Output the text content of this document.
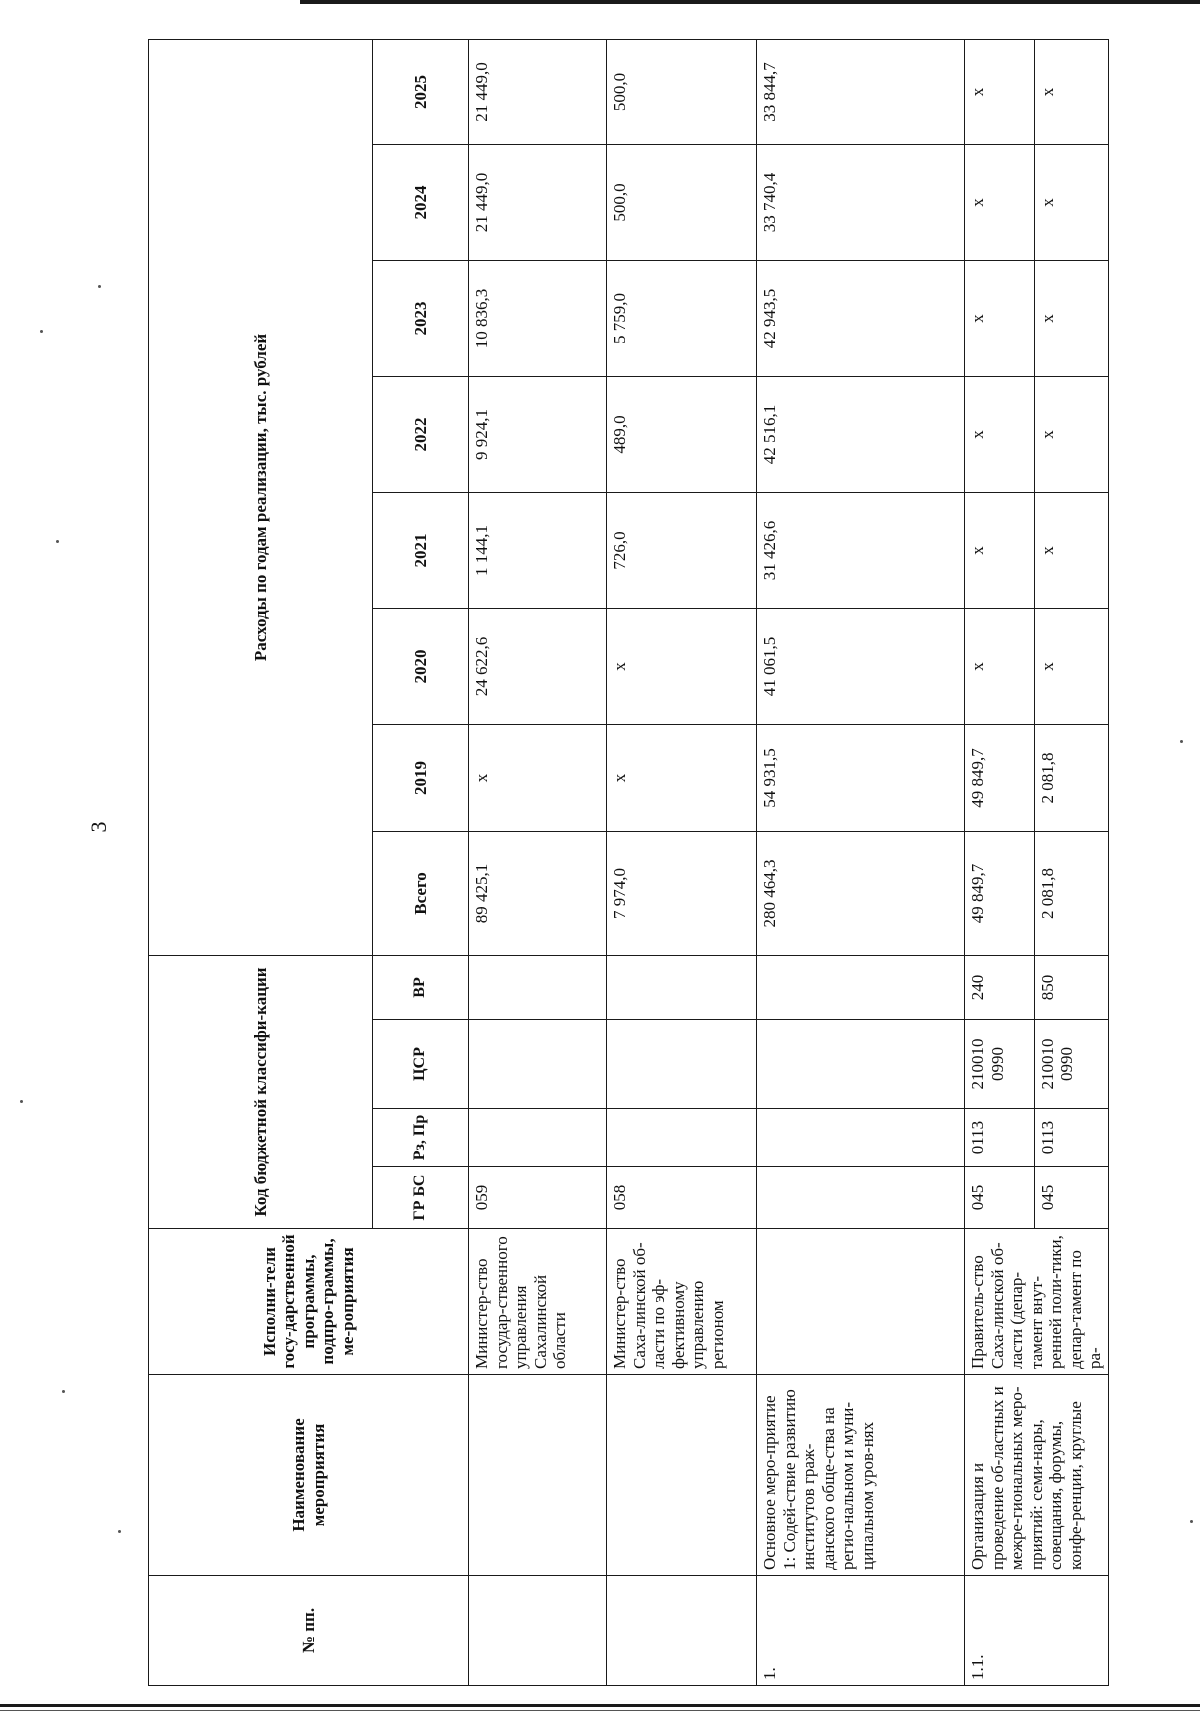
3
№ пп.	Наименование мероприятия	Исполни-тели госу-дарственной программы, подпро-граммы, ме-роприятия	Код бюджетной классифи-кации				Расходы по годам реализации, тыс. рублей							
			ГР БС	Рз, Пр	ЦСР	ВР	Всего	2019	2020	2021	2022	2023	2024	2025
		Министер-ство государ-ственного управления Сахалинской области	059				89 425,1	x	24 622,6	1 144,1	9 924,1	10 836,3	21 449,0	21 449,0
		Министер-ство Саха-линской об-ласти по эф-фективному управлению регионом	058				7 974,0	x	x	726,0	489,0	5 759,0	500,0	500,0
1.	Основное меро-приятие 1: Содей-ствие развитию институтов граж-данского обще-ства на регио-нальном и муни-ципальном уров-нях						280 464,3	54 931,5	41 061,5	31 426,6	42 516,1	42 943,5	33 740,4	33 844,7
1.1.	Организация и проведение об-ластных и межре-гиональных меро-приятий: семи-нары, совещания, форумы, конфе-ренции, круглые	Правитель-ство Саха-линской об-ласти (депар-тамент внут-ренней поли-тики, депар-тамент по ра-	045	0113	210010 0990	240	49 849,7	49 849,7	x	x	x	x	x	x
			045	0113	210010 0990	850	2 081,8	2 081,8	x	x	x	x	x	x
